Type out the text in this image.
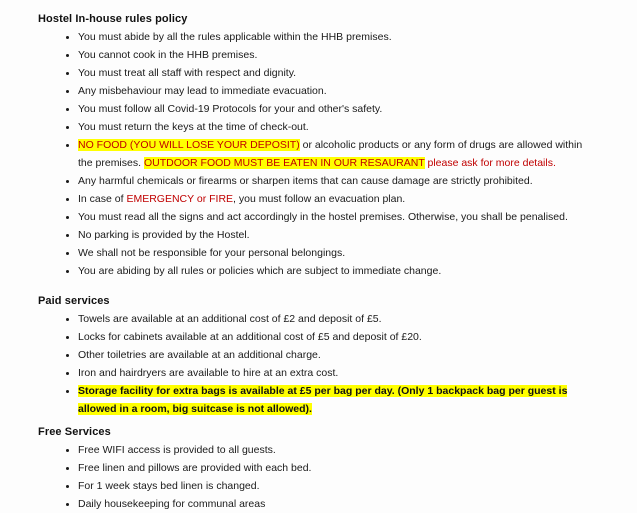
Hostel In-house rules policy
• You must abide by all the rules applicable within the HHB premises.
• You cannot cook in the HHB premises.
• You must treat all staff with respect and dignity.
• Any misbehaviour may lead to immediate evacuation.
• You must follow all Covid-19 Protocols for your and other's safety.
• You must return the keys at the time of check-out.
• NO FOOD (YOU WILL LOSE YOUR DEPOSIT) or alcoholic products or any form of drugs are allowed within the premises. OUTDOOR FOOD MUST BE EATEN IN OUR RESAURANT please ask for more details.
• Any harmful chemicals or firearms or sharpen items that can cause damage are strictly prohibited.
• In case of EMERGENCY or FIRE, you must follow an evacuation plan.
• You must read all the signs and act accordingly in the hostel premises. Otherwise, you shall be penalised.
• No parking is provided by the Hostel.
• We shall not be responsible for your personal belongings.
• You are abiding by all rules or policies which are subject to immediate change.
Paid services
• Towels are available at an additional cost of £2 and deposit of £5.
• Locks for cabinets available at an additional cost of £5 and deposit of £20.
• Other toiletries are available at an additional charge.
• Iron and hairdryers are available to hire at an extra cost.
• Storage facility for extra bags is available at £5 per bag per day. (Only 1 backpack bag per guest is allowed in a room, big suitcase is not allowed).
Free Services
• Free WIFI access is provided to all guests.
• Free linen and pillows are provided with each bed.
• For 1 week stays bed linen is changed.
• Daily housekeeping for communal areas
